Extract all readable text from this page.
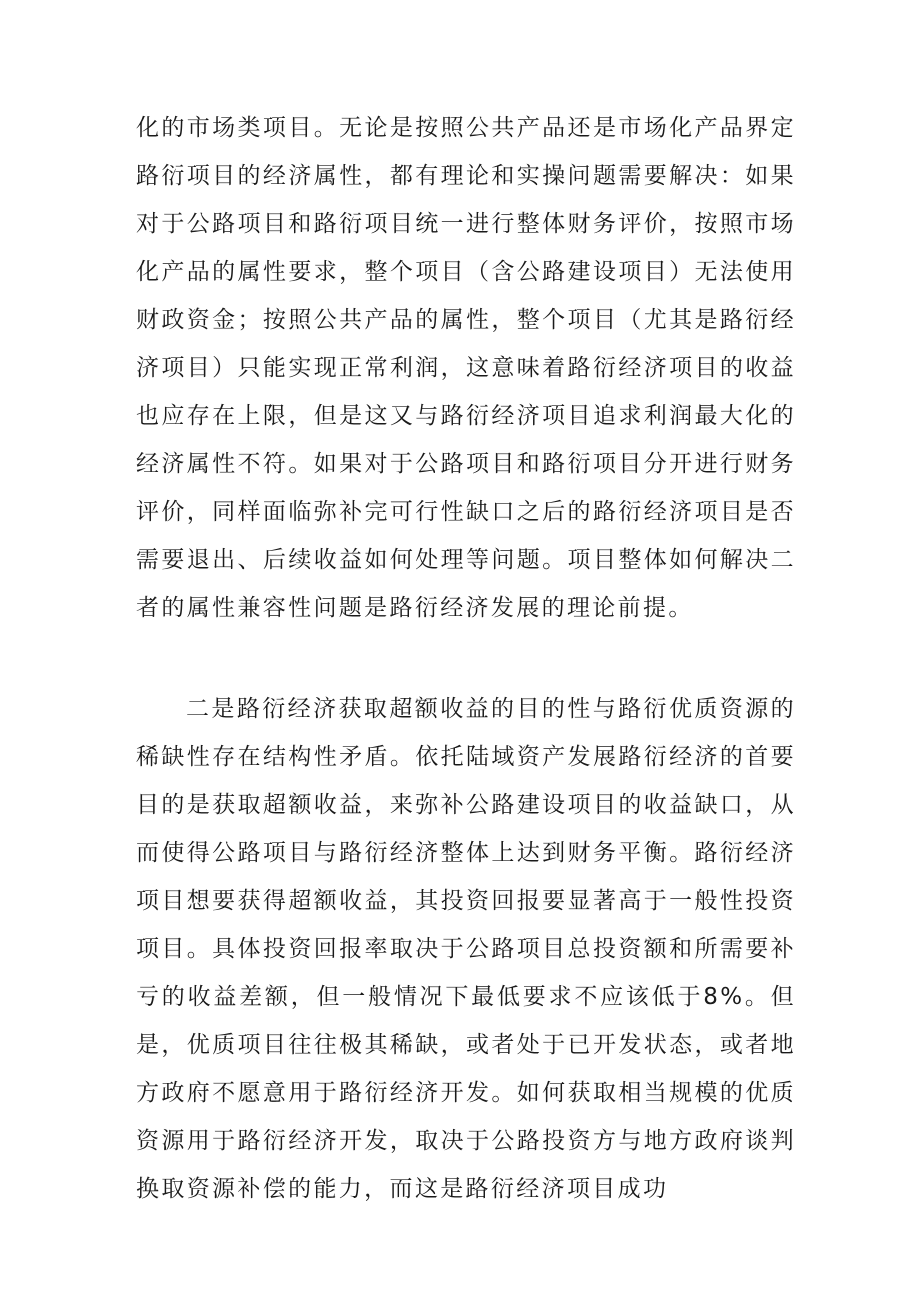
化的市场类项目。无论是按照公共产品还是市场化产品界定路衍项目的经济属性，都有理论和实操问题需要解决：如果对于公路项目和路衍项目统一进行整体财务评价，按照市场化产品的属性要求，整个项目（含公路建设项目）无法使用财政资金；按照公共产品的属性，整个项目（尤其是路衍经济项目）只能实现正常利润，这意味着路衍经济项目的收益也应存在上限，但是这又与路衍经济项目追求利润最大化的经济属性不符。如果对于公路项目和路衍项目分开进行财务评价，同样面临弥补完可行性缺口之后的路衍经济项目是否需要退出、后续收益如何处理等问题。项目整体如何解决二者的属性兼容性问题是路衍经济发展的理论前提。

二是路衍经济获取超额收益的目的性与路衍优质资源的稀缺性存在结构性矛盾。依托陆域资产发展路衍经济的首要目的是获取超额收益，来弥补公路建设项目的收益缺口，从而使得公路项目与路衍经济整体上达到财务平衡。路衍经济项目想要获得超额收益，其投资回报要显著高于一般性投资项目。具体投资回报率取决于公路项目总投资额和所需要补亏的收益差额，但一般情况下最低要求不应该低于8%。但是，优质项目往往极其稀缺，或者处于已开发状态，或者地方政府不愿意用于路衍经济开发。如何获取相当规模的优质资源用于路衍经济开发，取决于公路投资方与地方政府谈判换取资源补偿的能力，而这是路衍经济项目成功
